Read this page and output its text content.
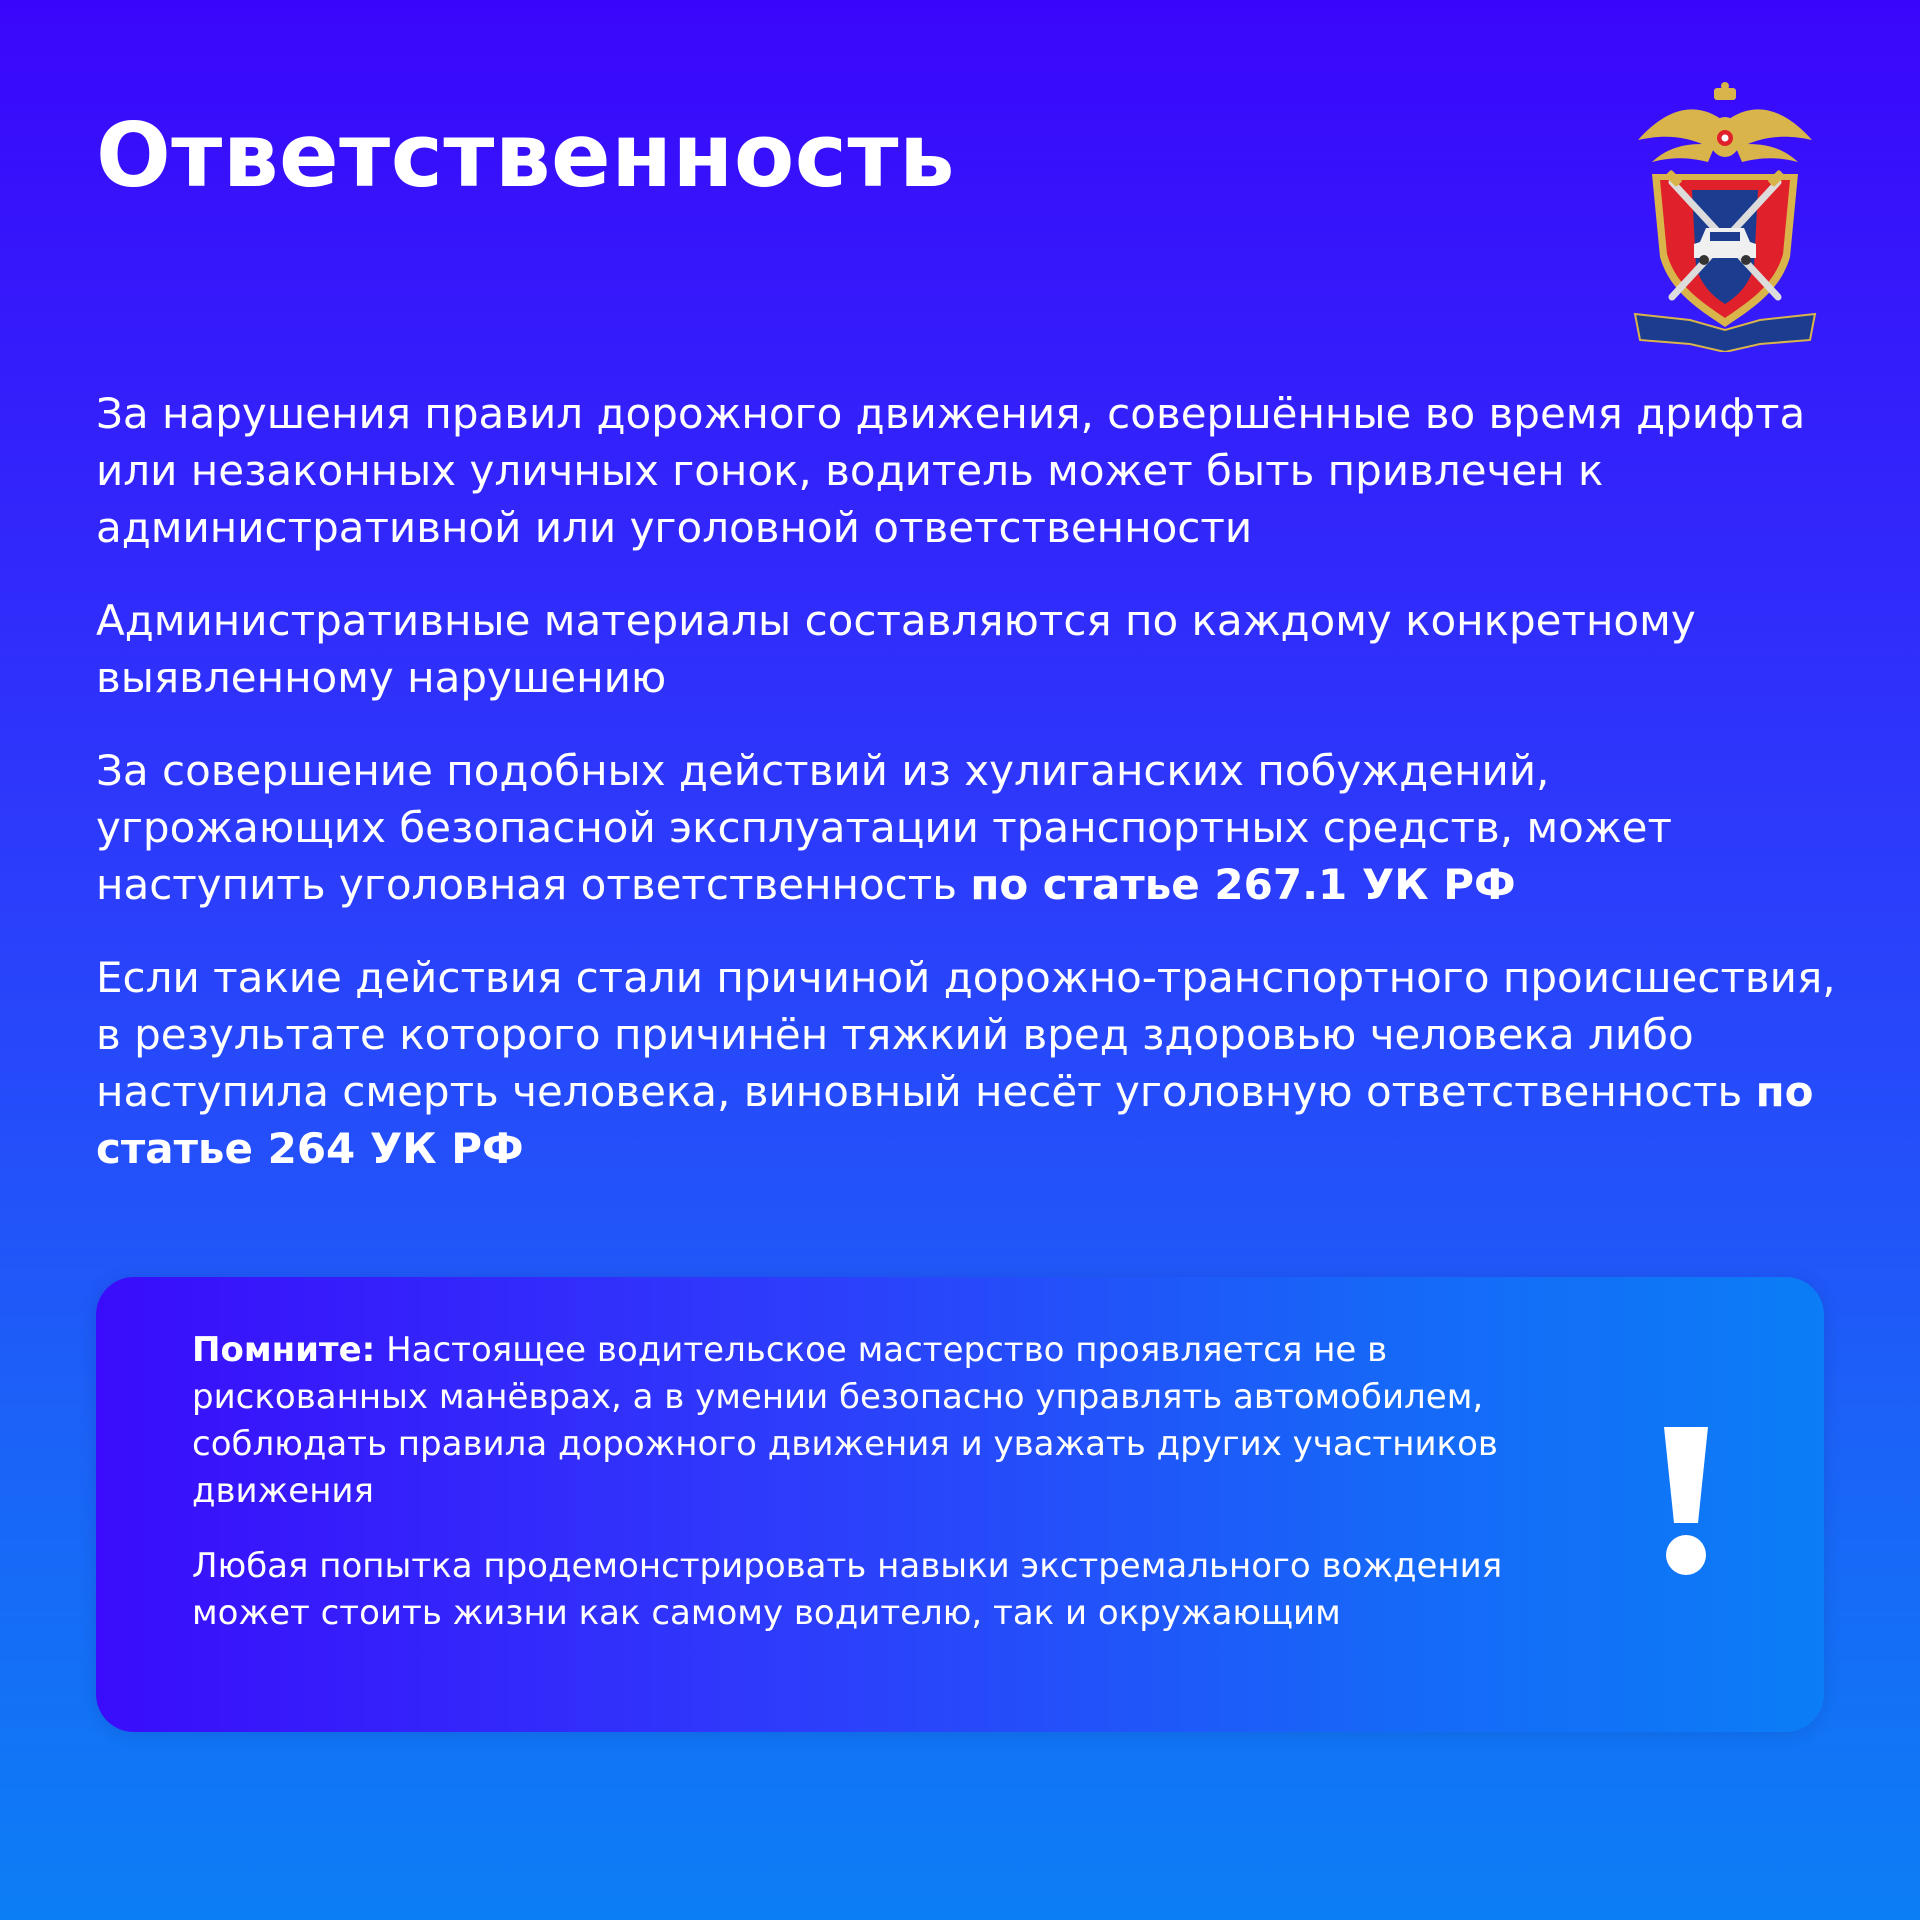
Ответственность

За нарушения правил дорожного движения, совершённые во время дрифта или незаконных уличных гонок, водитель может быть привлечен к административной или уголовной ответственности

Административные материалы составляются по каждому конкретному выявленному нарушению

За совершение подобных действий из хулиганских побуждений, угрожающих безопасной эксплуатации транспортных средств, может наступить уголовная ответственность по статье 267.1 УК РФ

Если такие действия стали причиной дорожно-транспортного происшествия, в результате которого причинён тяжкий вред здоровью человека либо наступила смерть человека, виновный несёт уголовную ответственность по статье 264 УК РФ

Помните: Настоящее водительское мастерство проявляется не в рискованных манёврах, а в умении безопасно управлять автомобилем, соблюдать правила дорожного движения и уважать других участников движения

Любая попытка продемонстрировать навыки экстремального вождения может стоить жизни как самому водителю, так и окружающим
